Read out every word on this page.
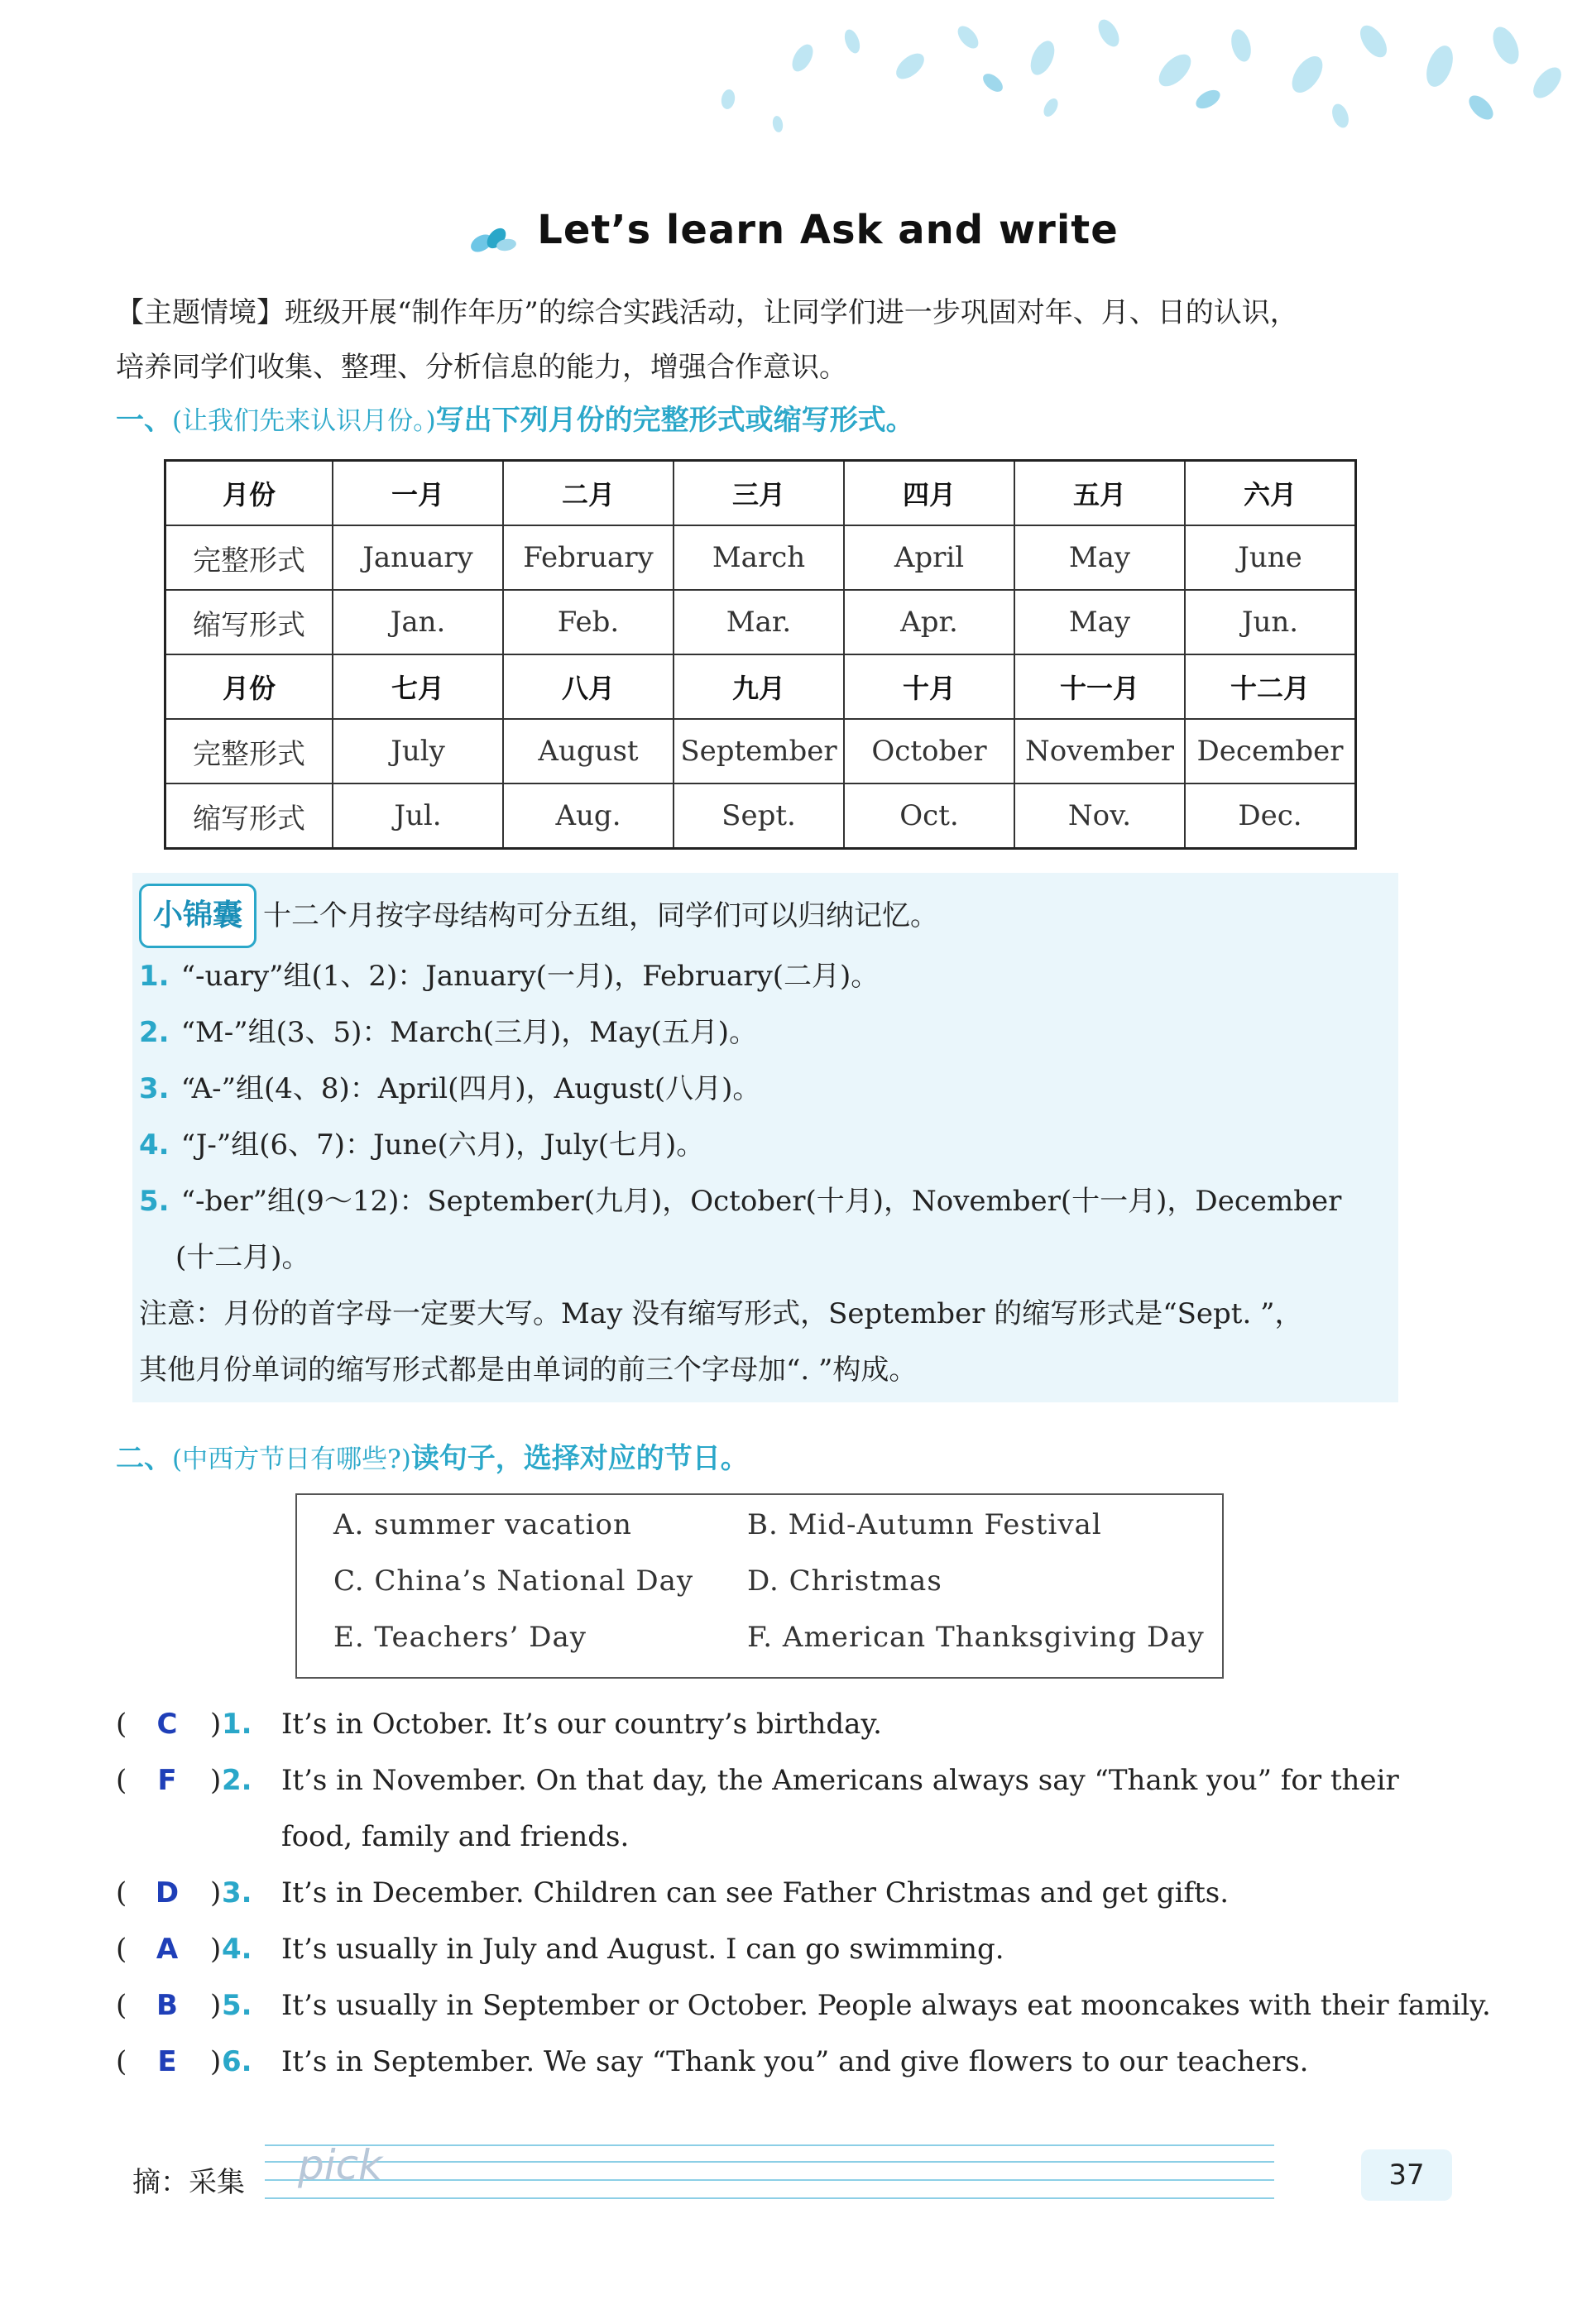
Let’s learn Ask and write
【主题情境】班级开展“制作年历”的综合实践活动，让同学们进一步巩固对年、月、日的认识，
培养同学们收集、整理、分析信息的能力，增强合作意识。
一、(让我们先来认识月份。)写出下列月份的完整形式或缩写形式。
月份	一月	二月	三月	四月	五月	六月
完整形式	January	February	March	April	May	June
缩写形式	Jan.	Feb.	Mar.	Apr.	May	Jun.
月份	七月	八月	九月	十月	十一月	十二月
完整形式	July	August	September	October	November	December
缩写形式	Jul.	Aug.	Sept.	Oct.	Nov.	Dec.
小锦囊 十二个月按字母结构可分五组，同学们可以归纳记忆。
1. “-uary”组(1、2)：January(一月)，February(二月)。
2. “M-”组(3、5)：March(三月)，May(五月)。
3. “A-”组(4、8)：April(四月)，August(八月)。
4. “J-”组(6、7)：June(六月)，July(七月)。
5. “-ber”组(9～12)：September(九月)，October(十月)，November(十一月)，December
(十二月)。
注意：月份的首字母一定要大写。May 没有缩写形式，September 的缩写形式是“Sept. ”，
其他月份单词的缩写形式都是由单词的前三个字母加“. ”构成。
二、(中西方节日有哪些?)读句子，选择对应的节日。
A. summer vacation	B. Mid-Autumn Festival
C. China’s National Day D. Christmas
E. Teachers’ Day	F. American Thanksgiving Day
( C ) 1. It’s in October. It’s our country’s birthday.
(	F	) 2. It’s in November. On that day, the Americans always say “Thank you” for their
food, family and friends.
( D ) 3. It’s in December. Children can see Father Christmas and get gifts.
( A ) 4. It’s usually in July and August. I can go swimming.
( B ) 5. It’s usually in September or October. People always eat mooncakes with their family.
(	E	) 6. It’s in September. We say “Thank you” and give flowers to our teachers.
摘：采集 pick	37
